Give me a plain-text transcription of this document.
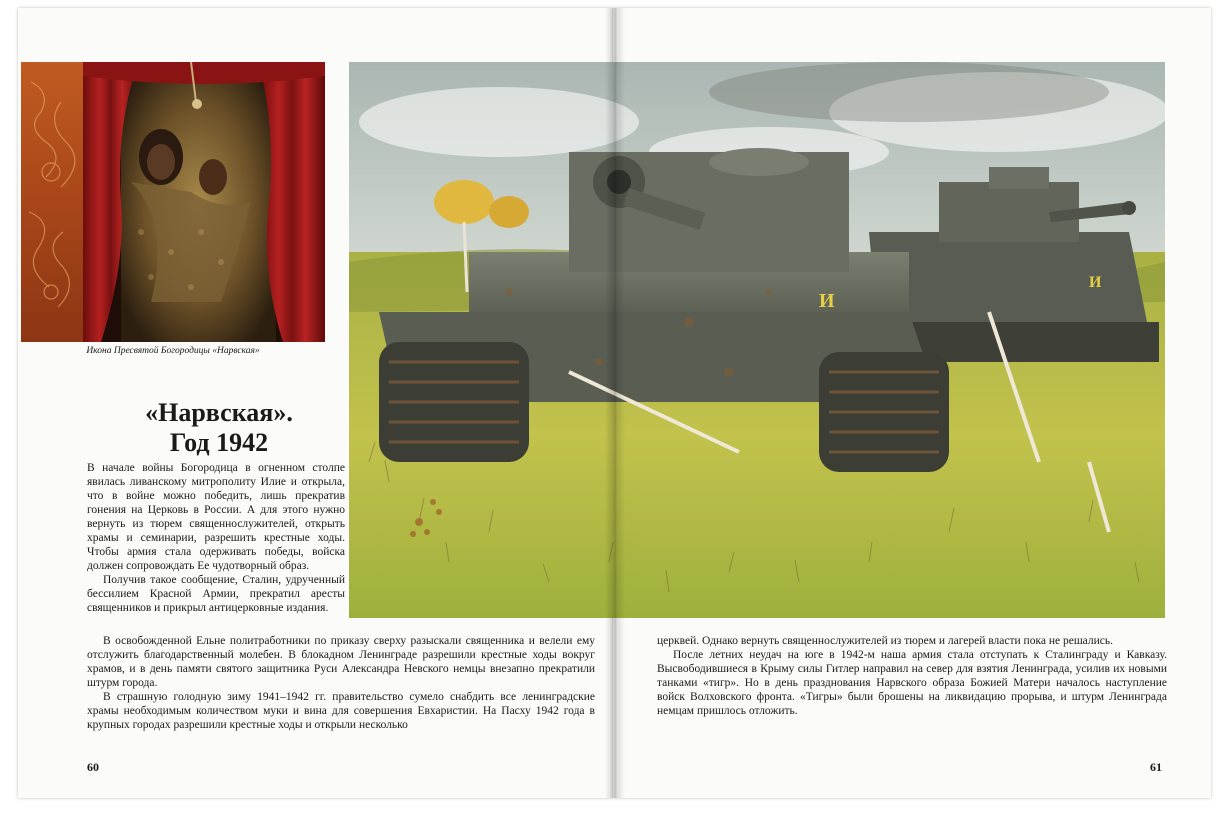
Икона Пресвятой Богородицы «Нарвская»
«Нарвская».
Год 1942

В начале войны Богородица в огненном столпе явилась ливанскому митрополиту Илие и открыла, что в войне можно победить, лишь прекратив гонения на Церковь в России. А для этого нужно вернуть из тюрем священнослужителей, открыть храмы и семинарии, разрешить крестные ходы. Чтобы армия стала одерживать победы, войска должен сопровождать Ее чудотворный образ.

Получив такое сообщение, Сталин, удрученный бессилием Красной Армии, прекратил аресты священников и прикрыл антицерковные издания.

В освобожденной Ельне политработники по приказу сверху разыскали священника и велели ему отслужить благодарственный молебен. В блокадном Ленинграде разрешили крестные ходы вокруг храмов, и в день памяти святого защитника Руси Александра Невского немцы внезапно прекратили штурм города.

В страшную голодную зиму 1941–1942 гг. правительство сумело снабдить все ленинградские храмы необходимым количеством муки и вина для совершения Евхаристии. На Пасху 1942 года в крупных городах разрешили крестные ходы и открыли несколько

И
И

церквей. Однако вернуть священнослужителей из тюрем и лагерей власти пока не решались.

После летних неудач на юге в 1942-м наша армия стала отступать к Сталинграду и Кавказу. Высвободившиеся в Крыму силы Гитлер направил на север для взятия Ленинграда, усилив их новыми танками «тигр». Но в день празднования Нарвского образа Божией Матери началось наступление войск Волховского фронта. «Тигры» были брошены на ликвидацию прорыва, и штурм Ленинграда немцам пришлось отложить.

60	61
